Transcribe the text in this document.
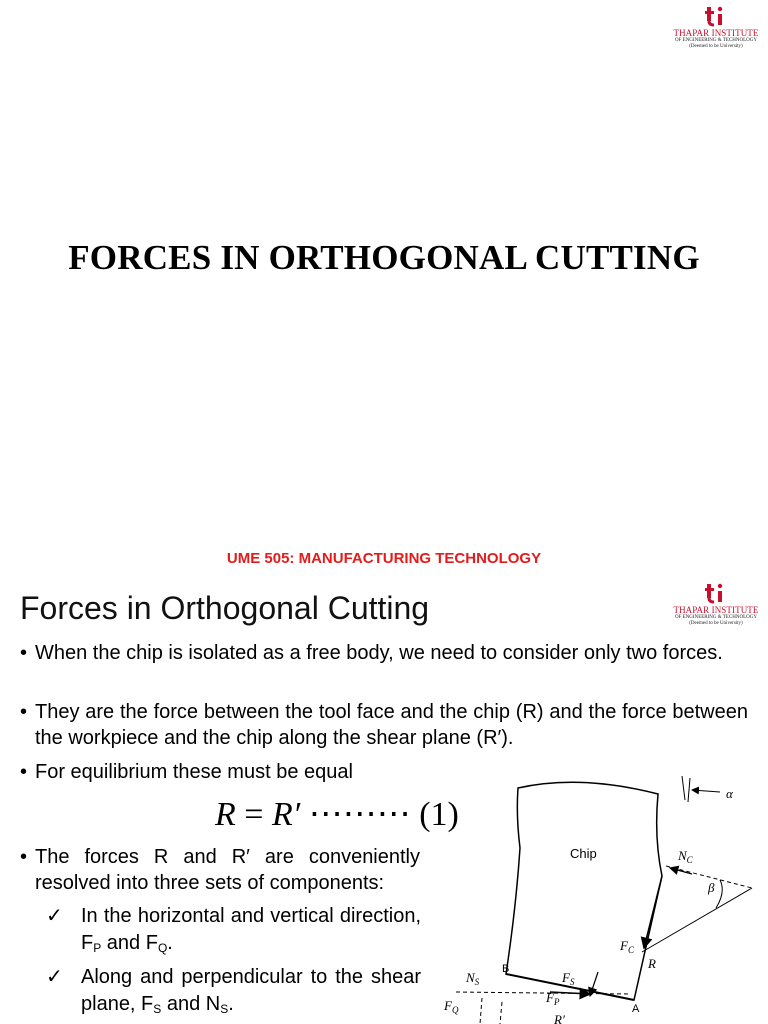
THAPAR INSTITUTE
OF ENGINEERING & TECHNOLOGY
(Deemed to be University)
FORCES IN ORTHOGONAL CUTTING
UME 505: MANUFACTURING TECHNOLOGY
Forces in Orthogonal Cutting	THAPAR INSTITUTE
OF ENGINEERING & TECHNOLOGY
(Deemed to be University)
• When the chip is isolated as a free body, we need to consider only two forces.
• They are the force between the tool face and the chip (R) and the force between the workpiece and the chip along the shear plane (R′).
• For equilibrium these must be equal
R = R′ ⋯⋯⋯ (1)
• The forces R and R′ are conveniently resolved into three sets of components:
✓ In the horizontal and vertical direction, $F_P$ and $F_Q$.
✓ Along and perpendicular to the shear plane, $F_S$ and $N_S$.
α
Chip	$N_C$
β
$F_C$
R
$N_S$
B
$F_S$
$F_P$
A
$F_Q$
R′
